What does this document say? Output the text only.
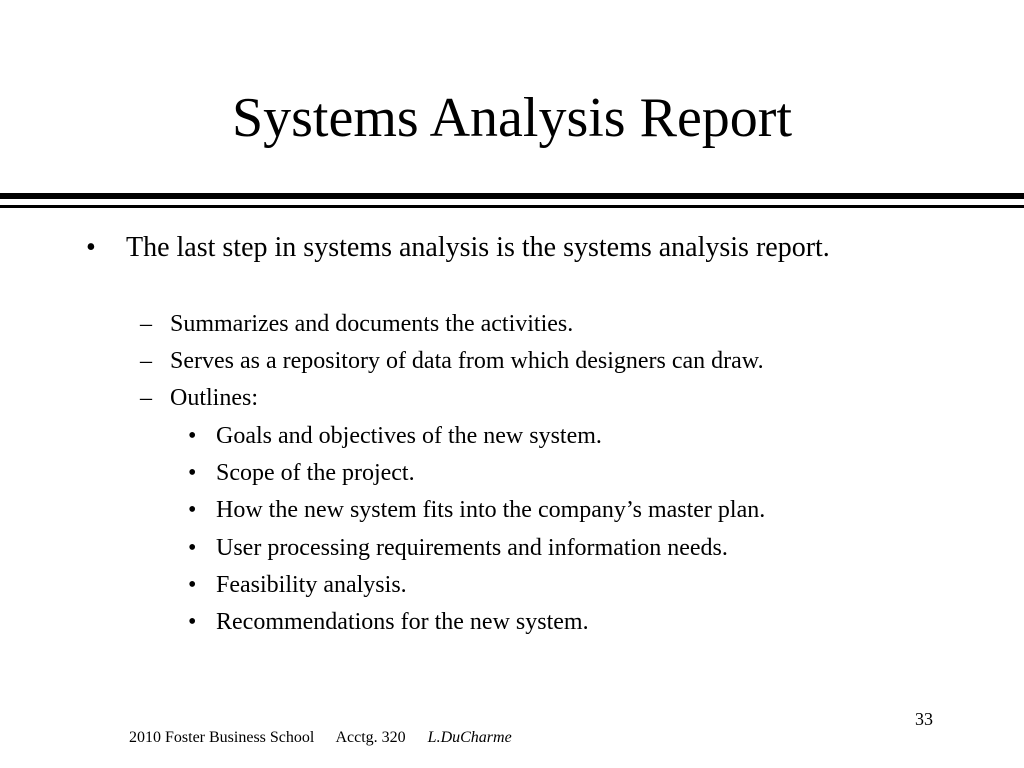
Systems Analysis Report
• The last step in systems analysis is the systems analysis report.
– Summarizes and documents the activities.
– Serves as a repository of data from which designers can draw.
– Outlines:
• Goals and objectives of the new system.
• Scope of the project.
• How the new system fits into the company’s master plan.
• User processing requirements and information needs.
• Feasibility analysis.
• Recommendations for the new system.
33
2010 Foster Business School Acctg. 320 L.DuCharme
